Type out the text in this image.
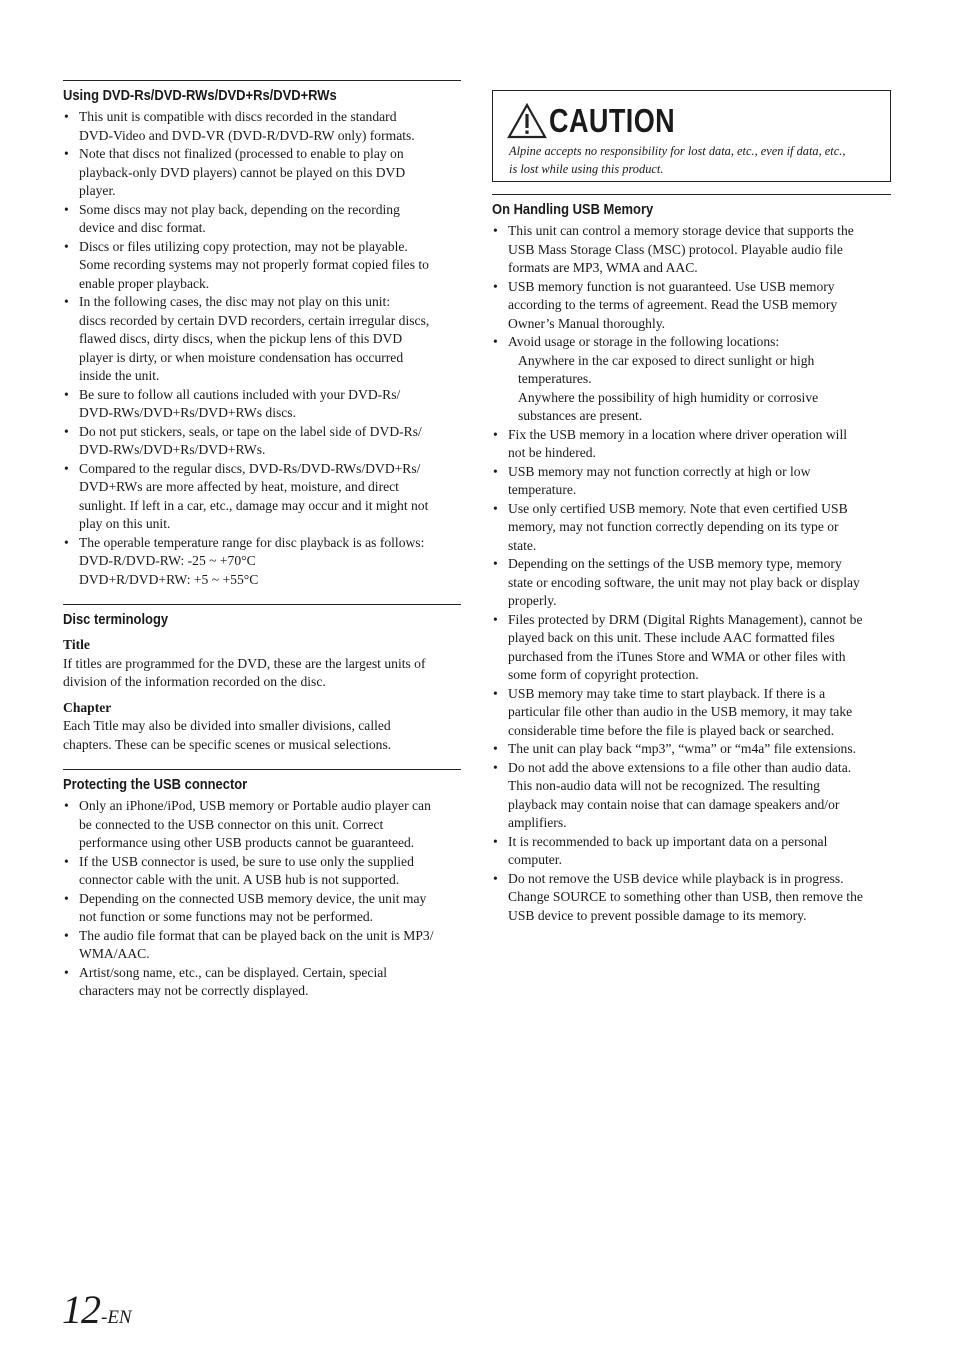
Using DVD-Rs/DVD-RWs/DVD+Rs/DVD+RWs
• This unit is compatible with discs recorded in the standard
DVD-Video and DVD-VR (DVD-R/DVD-RW only) formats.
• Note that discs not finalized (processed to enable to play on
playback-only DVD players) cannot be played on this DVD
player.
• Some discs may not play back, depending on the recording
device and disc format.
• Discs or files utilizing copy protection, may not be playable.
Some recording systems may not properly format copied files to
enable proper playback.
• In the following cases, the disc may not play on this unit:
discs recorded by certain DVD recorders, certain irregular discs,
flawed discs, dirty discs, when the pickup lens of this DVD
player is dirty, or when moisture condensation has occurred
inside the unit.
• Be sure to follow all cautions included with your DVD-Rs/
DVD-RWs/DVD+Rs/DVD+RWs discs.
• Do not put stickers, seals, or tape on the label side of DVD-Rs/
DVD-RWs/DVD+Rs/DVD+RWs.
• Compared to the regular discs, DVD-Rs/DVD-RWs/DVD+Rs/
DVD+RWs are more affected by heat, moisture, and direct
sunlight. If left in a car, etc., damage may occur and it might not
play on this unit.
• The operable temperature range for disc playback is as follows:
DVD-R/DVD-RW: -25 ~ +70°C
DVD+R/DVD+RW: +5 ~ +55°C
Disc terminology
Title

If titles are programmed for the DVD, these are the largest units of
division of the information recorded on the disc.

Chapter

Each Title may also be divided into smaller divisions, called
chapters. These can be specific scenes or musical selections.

Protecting the USB connector
• Only an iPhone/iPod, USB memory or Portable audio player can
be connected to the USB connector on this unit. Correct
performance using other USB products cannot be guaranteed.
• If the USB connector is used, be sure to use only the supplied
connector cable with the unit. A USB hub is not supported.
• Depending on the connected USB memory device, the unit may
not function or some functions may not be performed.
• The audio file format that can be played back on the unit is MP3/
WMA/AAC.
• Artist/song name, etc., can be displayed. Certain, special
characters may not be correctly displayed.
CAUTION
Alpine accepts no responsibility for lost data, etc., even if data, etc.,
is lost while using this product.
On Handling USB Memory
• This unit can control a memory storage device that supports the
USB Mass Storage Class (MSC) protocol. Playable audio file
formats are MP3, WMA and AAC.
• USB memory function is not guaranteed. Use USB memory
according to the terms of agreement. Read the USB memory
Owner’s Manual thoroughly.
• Avoid usage or storage in the following locations:
Anywhere in the car exposed to direct sunlight or high
temperatures.
Anywhere the possibility of high humidity or corrosive
substances are present.
• Fix the USB memory in a location where driver operation will
not be hindered.
• USB memory may not function correctly at high or low
temperature.
• Use only certified USB memory. Note that even certified USB
memory, may not function correctly depending on its type or
state.
• Depending on the settings of the USB memory type, memory
state or encoding software, the unit may not play back or display
properly.
• Files protected by DRM (Digital Rights Management), cannot be
played back on this unit. These include AAC formatted files
purchased from the iTunes Store and WMA or other files with
some form of copyright protection.
• USB memory may take time to start playback. If there is a
particular file other than audio in the USB memory, it may take
considerable time before the file is played back or searched.
• The unit can play back “mp3”, “wma” or “m4a” file extensions.
• Do not add the above extensions to a file other than audio data.
This non-audio data will not be recognized. The resulting
playback may contain noise that can damage speakers and/or
amplifiers.
• It is recommended to back up important data on a personal
computer.
• Do not remove the USB device while playback is in progress.
Change SOURCE to something other than USB, then remove the
USB device to prevent possible damage to its memory.
12 -EN
